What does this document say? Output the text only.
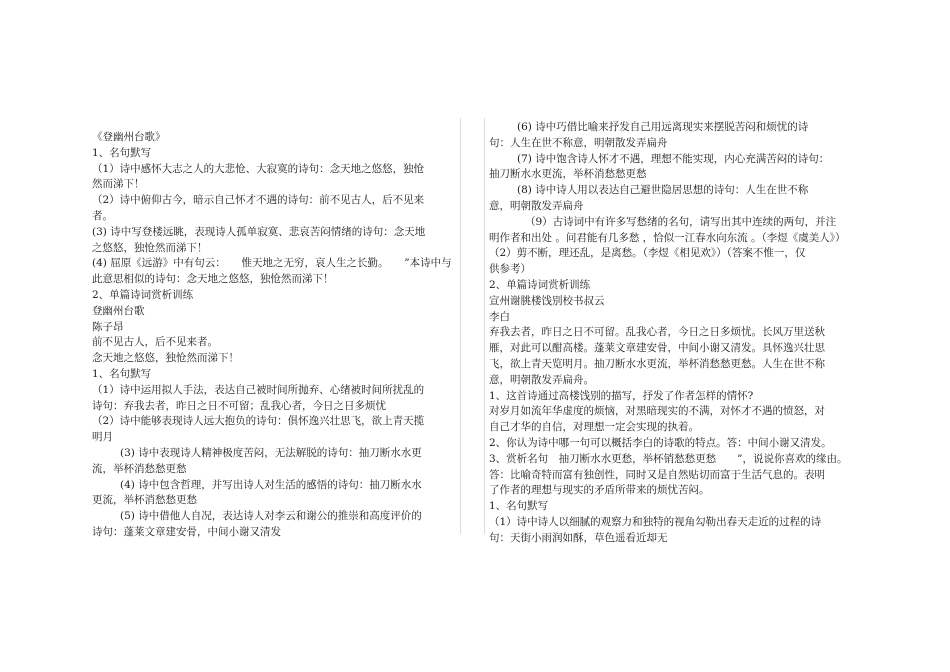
《登幽州台歌》

1、名句默写

（1）诗中感怀大志之人的大悲怆、大寂寞的诗句：念天地之悠悠，独怆

然而涕下！

（2）诗中俯仰古今，暗示自己怀才不遇的诗句：前不见古人，后不见来

者。

(3) 诗中写登楼远眺，表现诗人孤单寂寞、悲哀苦闷情绪的诗句：念天地

之悠悠，独怆然而涕下！

(4) 屈原《远游》中有句云：　　惟天地之无穷，哀人生之长勤。　　”本诗中与

此意思相似的诗句：念天地之悠悠，独怆然而涕下！

2、单篇诗词赏析训练

登幽州台歌

陈子昂

前不见古人，后不见来者。

念天地之悠悠，独怆然而涕下！

1、名句默写

（1）诗中运用拟人手法，表达自己被时间所抛弃、心绪被时间所扰乱的

诗句：弃我去者，昨日之日不可留；乱我心者，今日之日多烦忧

（2）诗中能够表现诗人远大抱负的诗句：俱怀逸兴壮思飞，欲上青天揽

明月

(3) 诗中表现诗人精神极度苦闷，无法解脱的诗句：抽刀断水水更

流，举杯消愁愁更愁

(4) 诗中包含哲理，并写出诗人对生活的感悟的诗句：抽刀断水水

更流，举杯消愁愁更愁

(5) 诗中借他人自况，表达诗人对李云和谢公的推崇和高度评价的

诗句：蓬莱文章建安骨，中间小谢又清发

(6) 诗中巧借比喻来抒发自己用远离现实来摆脱苦闷和烦忧的诗

句：人生在世不称意，明朝散发弄扁舟

(7) 诗中饱含诗人怀才不遇，理想不能实现，内心充满苦闷的诗句：

抽刀断水水更流，举杯消愁愁更愁

(8) 诗中诗人用以表达自己避世隐居思想的诗句：人生在世不称

意，明朝散发弄扁舟

（9）古诗词中有许多写愁绪的名句，请写出其中连续的两句，并注

明作者和出处 。问君能有几多愁 ，恰似一江春水向东流 。（李煜《虞美人》）

（2）剪不断，理还乱，是离愁。（李煜《相见欢》）（答案不惟一，仅

供参考）

2、单篇诗词赏析训练

宣州谢朓楼饯别校书叔云

李白

弃我去者，昨日之日不可留。乱我心者，今日之日多烦忧。长风万里送秋

雁，对此可以酣高楼。蓬莱文章建安骨，中间小谢又清发。具怀逸兴壮思

飞，欲上青天览明月。抽刀断水水更流，举杯消愁愁更愁。人生在世不称

意，明朝散发弄扁舟。

1、这首诗通过高楼饯别的描写，抒发了作者怎样的情怀?

对岁月如流年华虚度的烦恼，对黑暗现实的不满，对怀才不遇的愤怒，对

自己才华的自信，对理想一定会实现的执着。

2、你认为诗中哪一句可以概括李白的诗歌的特点。答：中间小谢又清发。

3、赏析名句　抽刀断水水更愁，举杯销愁愁更愁　　”，说说你喜欢的缘由。

答：比喻奇特而富有独创性，同时又是自然贴切而富于生活气息的。表明

了作者的理想与现实的矛盾所带来的烦忧苦闷。

1、名句默写

（1）诗中诗人以细腻的观察力和独特的视角勾勒出春天走近的过程的诗

句：天街小雨润如酥，草色遥看近却无
